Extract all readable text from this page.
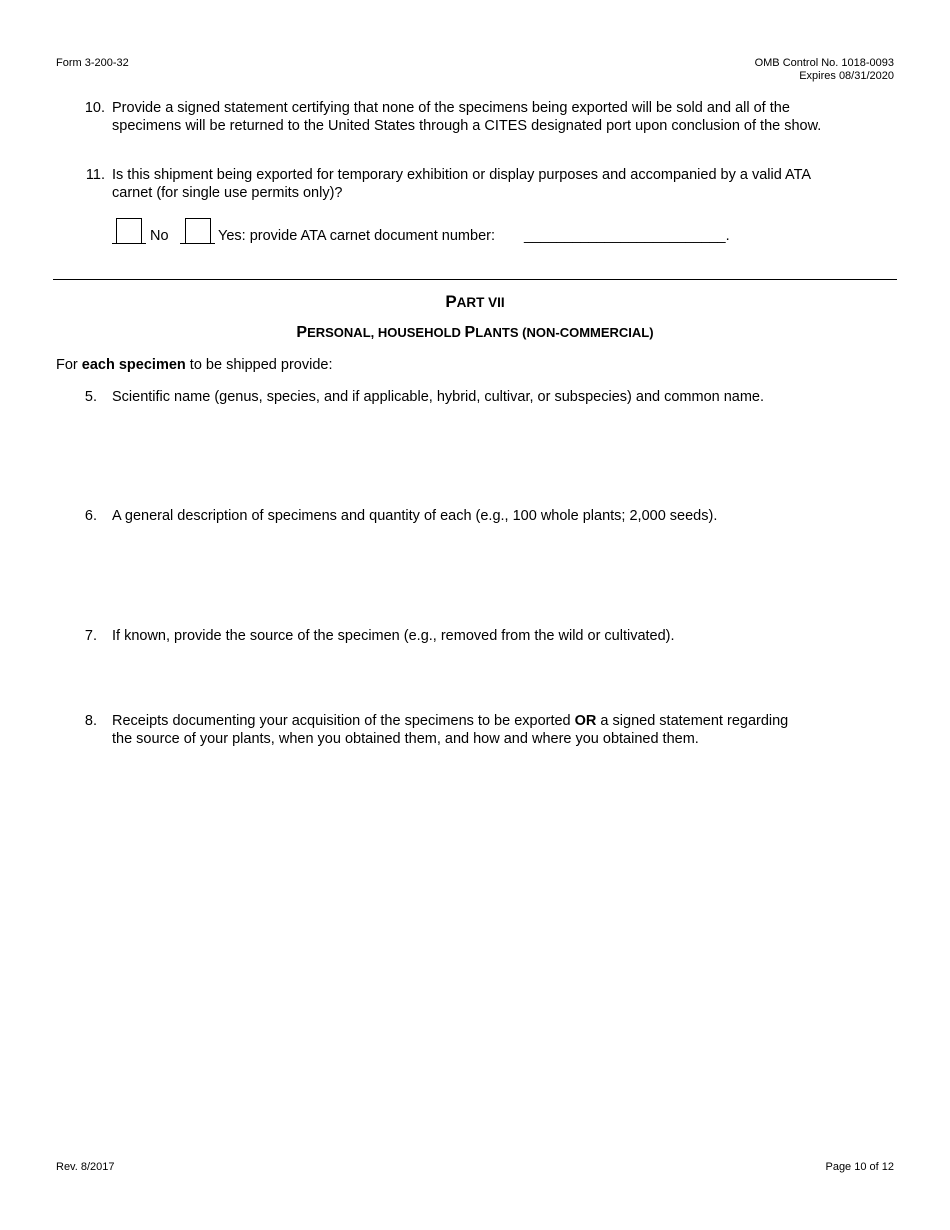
Form 3-200-32	OMB Control No. 1018-0093
Expires 08/31/2020
10. Provide a signed statement certifying that none of the specimens being exported will be sold and all of the
specimens will be returned to the United States through a CITES designated port upon conclusion of the show.
11. Is this shipment being exported for temporary exhibition or display purposes and accompanied by a valid ATA
carnet (for single use permits only)?
No	Yes: provide ATA carnet document number: _________________________.
PART VII
PERSONAL, HOUSEHOLD PLANTS (NON-COMMERCIAL)
For each specimen to be shipped provide:
5. Scientific name (genus, species, and if applicable, hybrid, cultivar, or subspecies) and common name.
6. A general description of specimens and quantity of each (e.g., 100 whole plants; 2,000 seeds).
7. If known, provide the source of the specimen (e.g., removed from the wild or cultivated).
8. Receipts documenting your acquisition of the specimens to be exported OR a signed statement regarding
the source of your plants, when you obtained them, and how and where you obtained them.
Rev. 8/2017	Page 10 of 12
